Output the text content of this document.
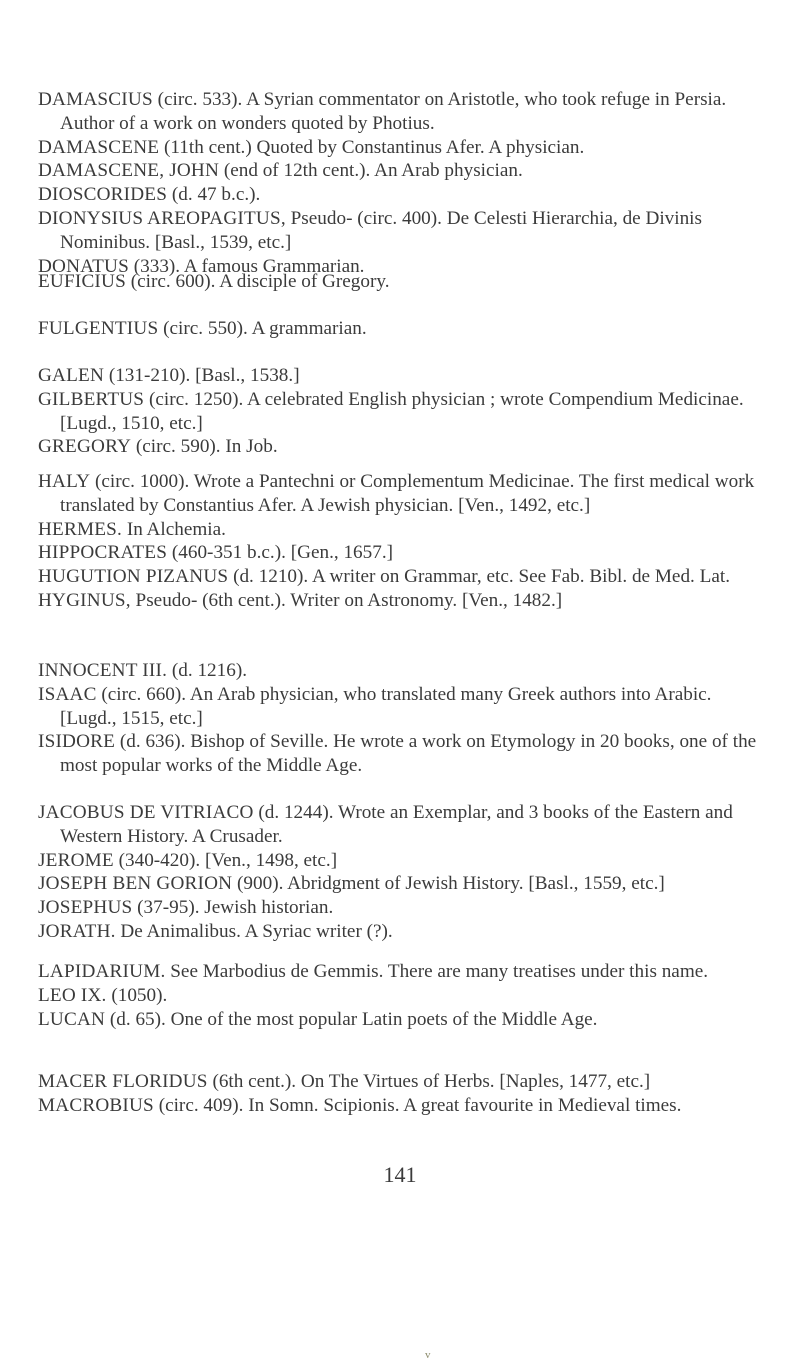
DAMASCIUS (circ. 533). A Syrian commentator on Aristotle, who took refuge in Persia. Author of a work on wonders quoted by Photius.

DAMASCENE (11th cent.) Quoted by Constantinus Afer. A physician.

DAMASCENE, JOHN (end of 12th cent.). An Arab physician.

DIOSCORIDES (d. 47 b.c.).

DIONYSIUS AREOPAGITUS, Pseudo- (circ. 400). De Celesti Hierarchia, de Divinis Nominibus. [Basl., 1539, etc.]

DONATUS (333). A famous Grammarian.

EUFICIUS (circ. 600). A disciple of Gregory.

FULGENTIUS (circ. 550). A grammarian.

GALEN (131-210). [Basl., 1538.]

GILBERTUS (circ. 1250). A celebrated English physician ; wrote Compendium Medicinae. [Lugd., 1510, etc.]

GREGORY (circ. 590). In Job.

HALY (circ. 1000). Wrote a Pantechni or Complementum Medicinae. The first medical work translated by Constantius Afer. A Jewish physician. [Ven., 1492, etc.]

HERMES. In Alchemia.

HIPPOCRATES (460-351 b.c.). [Gen., 1657.]

HUGUTION PIZANUS (d. 1210). A writer on Grammar, etc. See Fab. Bibl. de Med. Lat.

HYGINUS, Pseudo- (6th cent.). Writer on Astronomy. [Ven., 1482.]

INNOCENT III. (d. 1216).

ISAAC (circ. 660). An Arab physician, who translated many Greek authors into Arabic. [Lugd., 1515, etc.]

ISIDORE (d. 636). Bishop of Seville. He wrote a work on Etymology in 20 books, one of the most popular works of the Middle Age.

JACOBUS DE VITRIACO (d. 1244). Wrote an Exemplar, and 3 books of the Eastern and Western History. A Crusader.

JEROME (340-420). [Ven., 1498, etc.]

JOSEPH BEN GORION (900). Abridgment of Jewish History. [Basl., 1559, etc.]

JOSEPHUS (37-95). Jewish historian.

JORATH. De Animalibus. A Syriac writer (?).

LAPIDARIUM. See Marbodius de Gemmis. There are many treatises under this name.

LEO IX. (1050).

LUCAN (d. 65). One of the most popular Latin poets of the Middle Age.

MACER FLORIDUS (6th cent.). On The Virtues of Herbs. [Naples, 1477, etc.]

MACROBIUS (circ. 409). In Somn. Scipionis. A great favourite in Medieval times.

141
v
